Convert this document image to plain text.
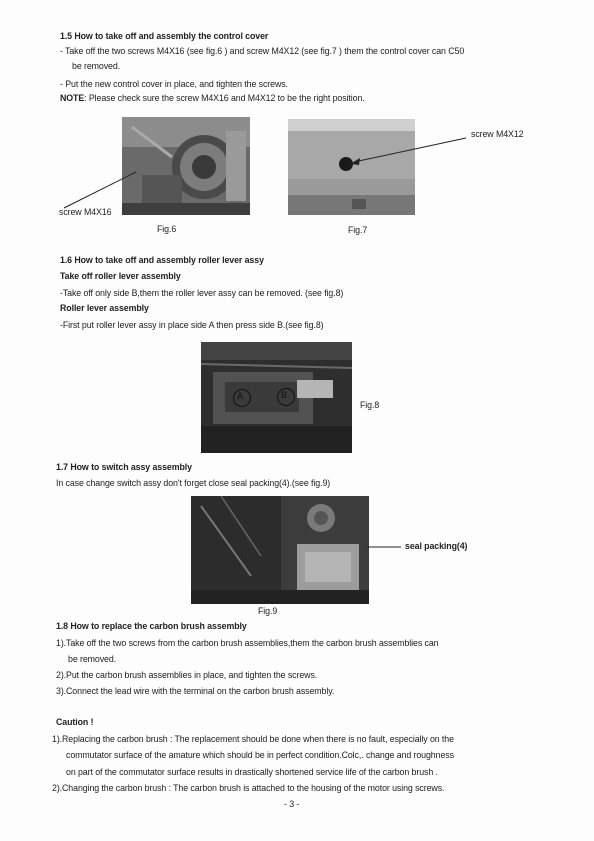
1.5 How to take off and assembly the control cover
- Take off the two screws M4X16 (see fig.6 ) and screw M4X12 (see fig.7 ) them the control cover can C50
be removed.
- Put the new control cover in place, and tighten the screws.
NOTE: Please check sure the screw M4X16 and M4X12 to be the right position.
screw M4X16
Fig.6
screw M4X12
Fig.7
1.6 How to take off and assembly roller lever assy
Take off roller lever assembly
-Take off only side B,them the roller lever assy can be removed. (see fig.8)
Roller lever assembly
-First put roller lever assy in place side A then press side B.(see fig.8)
A	B
Fig.8
1.7 How to switch assy assembly
In case change switch assy don't forget close seal packing(4).(see fig.9)
seal packing(4)
Fig.9
1.8 How to replace the carbon brush assembly
1).Take off the two screws from the carbon brush assemblies,them the carbon brush assemblies can
be removed.
2).Put the carbon brush assemblies in place, and tighten the screws.
3).Connect the lead wire with the terminal on the carbon brush assembly.
Caution !
1).Replacing the carbon brush : The replacement should be done when there is no fault, especially on the
commutator surface of the amature which should be in perfect condition.Colc,. change and roughness
on part of the commutator surface results in drastically shortened service life of the carbon brush .
2).Changing the carbon brush : The carbon brush is attached to the housing of the motor using screws.
- 3 -
